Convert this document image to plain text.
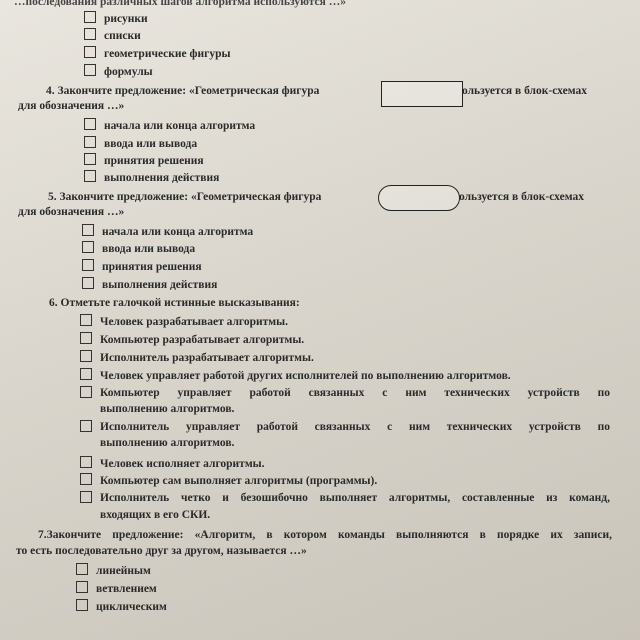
…последования различных шагов алгоритма используются …»
рисунки
списки
геометрические фигуры
формулы
4. Закончите предложение: «Геометрическая фигура	ользуется в блок-схемах
для обозначения …»
начала или конца алгоритма
ввода или вывода
принятия решения
выполнения действия
5. Закончите предложение: «Геометрическая фигура	ользуется в блок-схемах
для обозначения …»
начала или конца алгоритма
ввода или вывода
принятия решения
выполнения действия
6. Отметьте галочкой истинные высказывания:
Человек разрабатывает алгоритмы.
Компьютер разрабатывает алгоритмы.
Исполнитель разрабатывает алгоритмы.
Человек управляет работой других исполнителей по выполнению алгоритмов.
Компьютер управляет работой связанных с ним технических устройств по
выполнению алгоритмов.
Исполнитель управляет работой связанных с ним технических устройств по
выполнению алгоритмов.
Человек исполняет алгоритмы.
Компьютер сам выполняет алгоритмы (программы).
Исполнитель четко и безошибочно выполняет алгоритмы, составленные из команд,
входящих в его СКИ.
7.Закончите предложение: «Алгоритм, в котором команды выполняются в порядке их записи,
то есть последовательно друг за другом, называется …»
линейным
ветвлением
циклическим
